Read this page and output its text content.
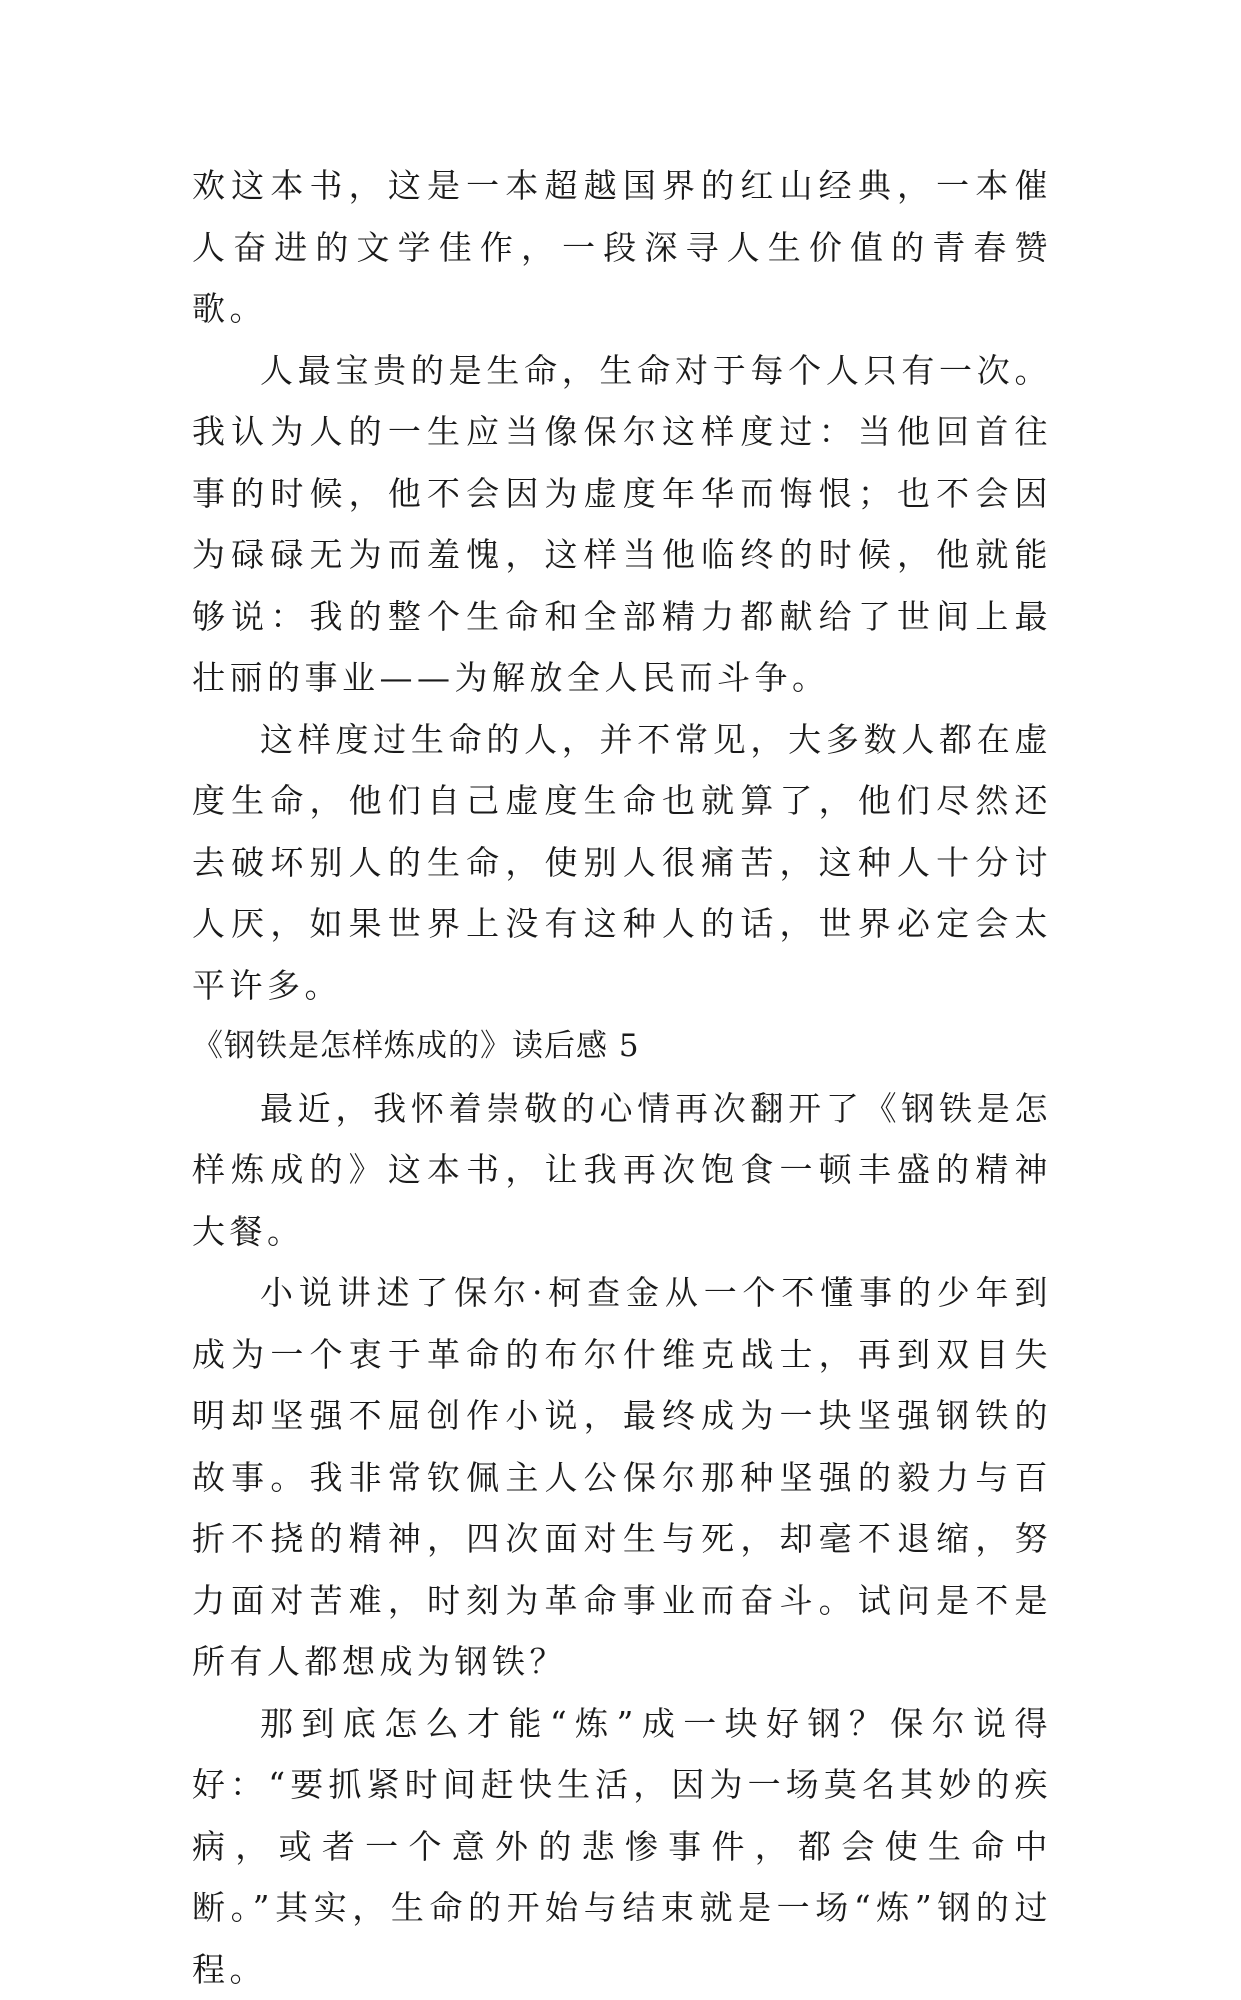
欢这本书，这是一本超越国界的红山经典，一本催人奋进的文学佳作，一段深寻人生价值的青春赞歌。

人最宝贵的是生命，生命对于每个人只有一次。我认为人的一生应当像保尔这样度过：当他回首往事的时候，他不会因为虚度年华而悔恨；也不会因为碌碌无为而羞愧，这样当他临终的时候，他就能够说：我的整个生命和全部精力都献给了世间上最壮丽的事业——为解放全人民而斗争。

这样度过生命的人，并不常见，大多数人都在虚度生命，他们自己虚度生命也就算了，他们尽然还去破坏别人的生命，使别人很痛苦，这种人十分讨人厌，如果世界上没有这种人的话，世界必定会太平许多。

《钢铁是怎样炼成的》读后感 5

最近，我怀着崇敬的心情再次翻开了《钢铁是怎样炼成的》这本书，让我再次饱食一顿丰盛的精神大餐。

小说讲述了保尔·柯查金从一个不懂事的少年到成为一个衷于革命的布尔什维克战士，再到双目失明却坚强不屈创作小说，最终成为一块坚强钢铁的故事。我非常钦佩主人公保尔那种坚强的毅力与百折不挠的精神，四次面对生与死，却毫不退缩，努力面对苦难，时刻为革命事业而奋斗。试问是不是所有人都想成为钢铁？

那到底怎么才能“炼”成一块好钢？保尔说得好：“要抓紧时间赶快生活，因为一场莫名其妙的疾病，或者一个意外的悲惨事件，都会使生命中断。”其实，生命的开始与结束就是一场“炼”钢的过程。
